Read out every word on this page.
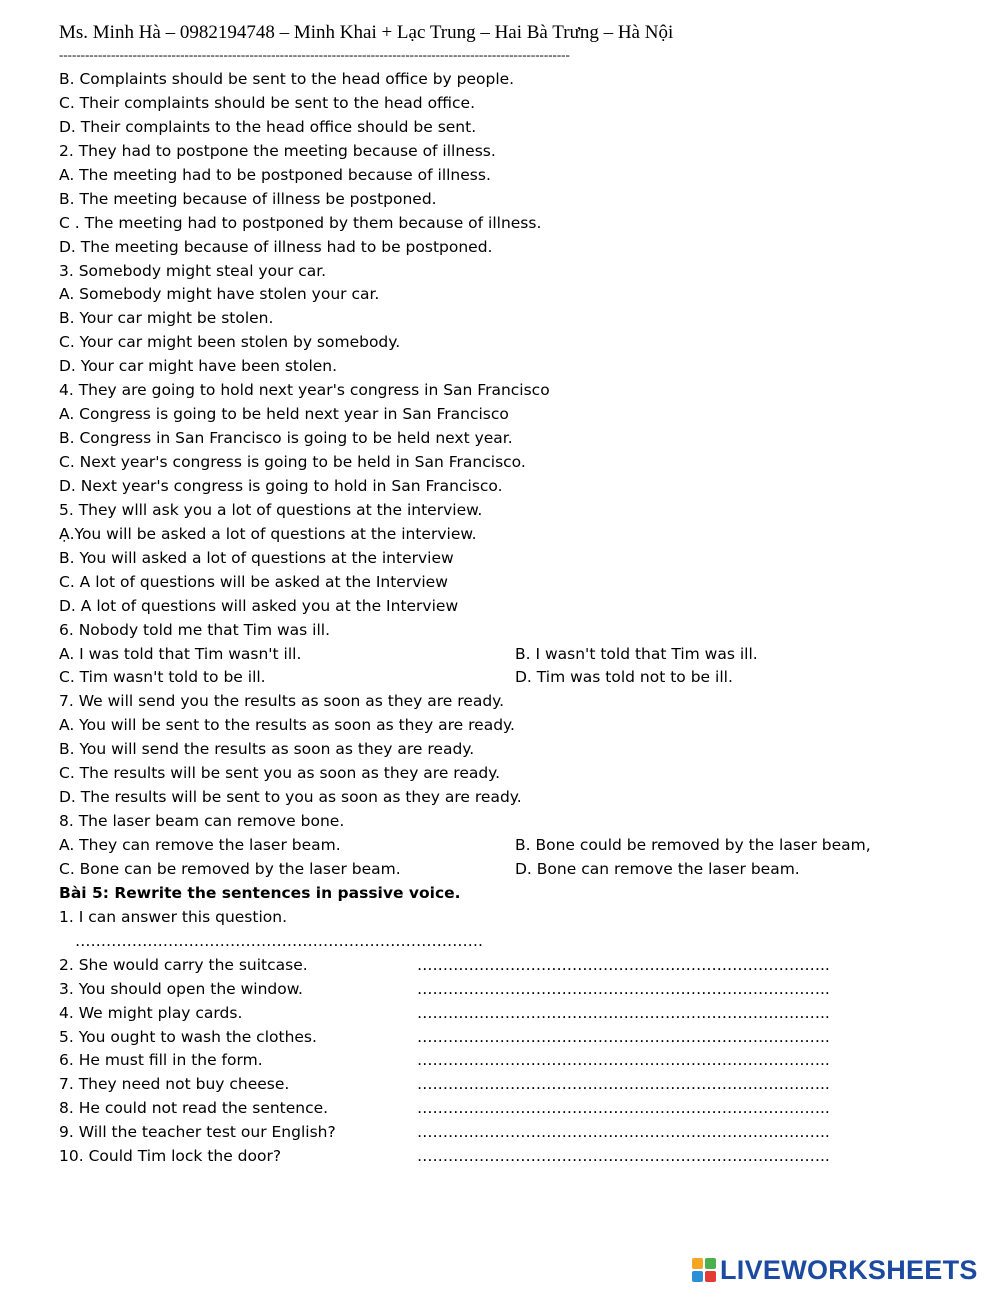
Ms. Minh Hà – 0982194748 – Minh Khai + Lạc Trung – Hai Bà Trưng – Hà Nội
----------------------------------------------------------------------------------------------------------------------
B. Complaints should be sent to the head office by people.
C. Their complaints should be sent to the head office.
D. Their complaints to the head office should be sent.
2. They had to postpone the meeting because of illness.
A. The meeting had to be postponed because of illness.
B. The meeting because of illness be postponed.
C . The meeting had to postponed by them because of illness.
D. The meeting because of illness had to be postponed.
3. Somebody might steal your car.
A. Somebody might have stolen your car.
B. Your car might be stolen.
C. Your car might been stolen by somebody.
D. Your car might have been stolen.
4. They are going to hold next year's congress in San Francisco
A. Congress is going to be held next year in San Francisco
B. Congress in San Francisco is going to be held next year.
C. Next year's congress is going to be held in San Francisco.
D. Next year's congress is going to hold in San Francisco.
5. They wlll ask you a lot of questions at the interview.
Ạ.You will be asked a lot of questions at the interview.
B. You will asked a lot of questions at the interview
C. A lot of questions will be asked at the Interview
D. A lot of questions will asked you at the Interview
6. Nobody told me that Tim was ill.
A. I was told that Tim wasn't ill.	B. I wasn't told that Tim was ill.
C. Tim wasn't told to be ill.	D. Tim was told not to be ill.
7. We will send you the results as soon as they are ready.
A. You will be sent to the results as soon as they are ready.
B. You will send the results as soon as they are ready.
C. The results will be sent you as soon as they are ready.
D. The results will be sent to you as soon as they are ready.
8. The laser beam can remove bone.
A. They can remove the laser beam.	B. Bone could be removed by the laser beam,
C. Bone can be removed by the laser beam.	D. Bone can remove the laser beam.
Bài 5: Rewrite the sentences in passive voice.
1. I can answer this question.
…………………………………………………………………….
2. She would carry the suitcase.	……………………………………………………………………..
3. You should open the window.	……………………………………………………………………..
4. We might play cards.	……………………………………………………………………..
5. You ought to wash the clothes.	……………………………………………………………………..
6. He must fill in the form.	……………………………………………………………………..
7. They need not buy cheese.	……………………………………………………………………..
8. He could not read the sentence.	……………………………………………………………………..
9. Will the teacher test our English?	……………………………………………………………………..
10. Could Tim lock the door?	……………………………………………………………………..
LIVEWORKSHEETS
